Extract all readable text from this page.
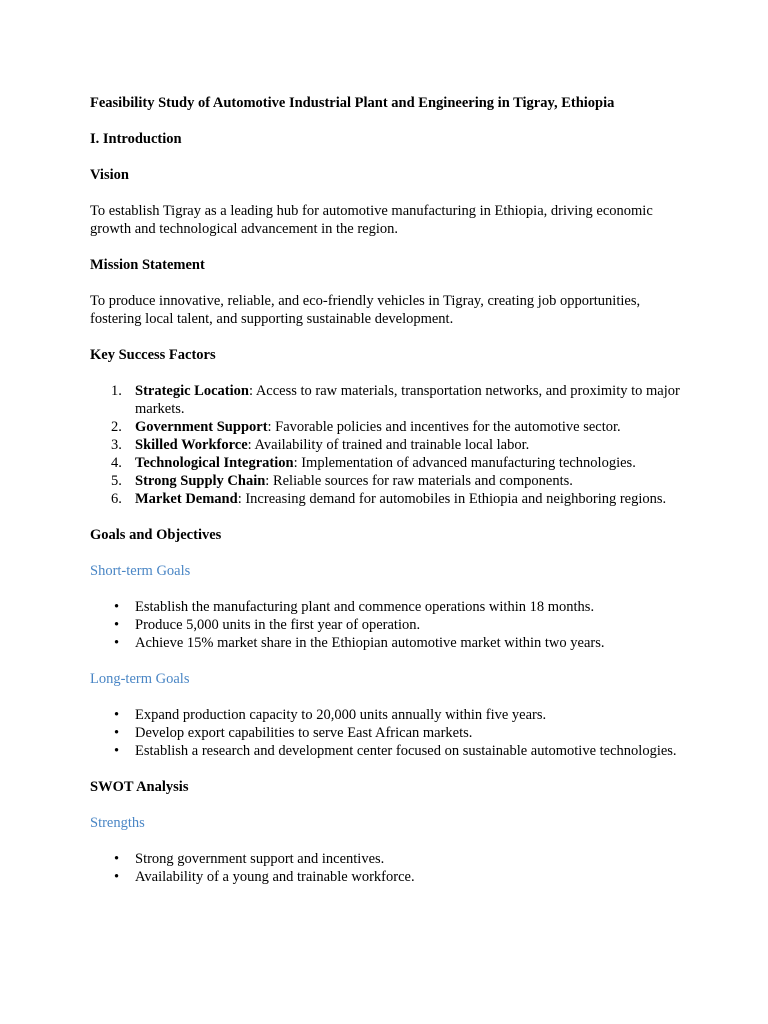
Feasibility Study of Automotive Industrial Plant and Engineering in Tigray, Ethiopia

I. Introduction

Vision

To establish Tigray as a leading hub for automotive manufacturing in Ethiopia, driving economic growth and technological advancement in the region.

Mission Statement

To produce innovative, reliable, and eco-friendly vehicles in Tigray, creating job opportunities, fostering local talent, and supporting sustainable development.

Key Success Factors

1. Strategic Location: Access to raw materials, transportation networks, and proximity to major markets.
2. Government Support: Favorable policies and incentives for the automotive sector.
3. Skilled Workforce: Availability of trained and trainable local labor.
4. Technological Integration: Implementation of advanced manufacturing technologies.
5. Strong Supply Chain: Reliable sources for raw materials and components.
6. Market Demand: Increasing demand for automobiles in Ethiopia and neighboring regions.

Goals and Objectives

Short-term Goals

• Establish the manufacturing plant and commence operations within 18 months.
• Produce 5,000 units in the first year of operation.
• Achieve 15% market share in the Ethiopian automotive market within two years.

Long-term Goals

• Expand production capacity to 20,000 units annually within five years.
• Develop export capabilities to serve East African markets.
• Establish a research and development center focused on sustainable automotive technologies.

SWOT Analysis

Strengths

• Strong government support and incentives.
• Availability of a young and trainable workforce.
